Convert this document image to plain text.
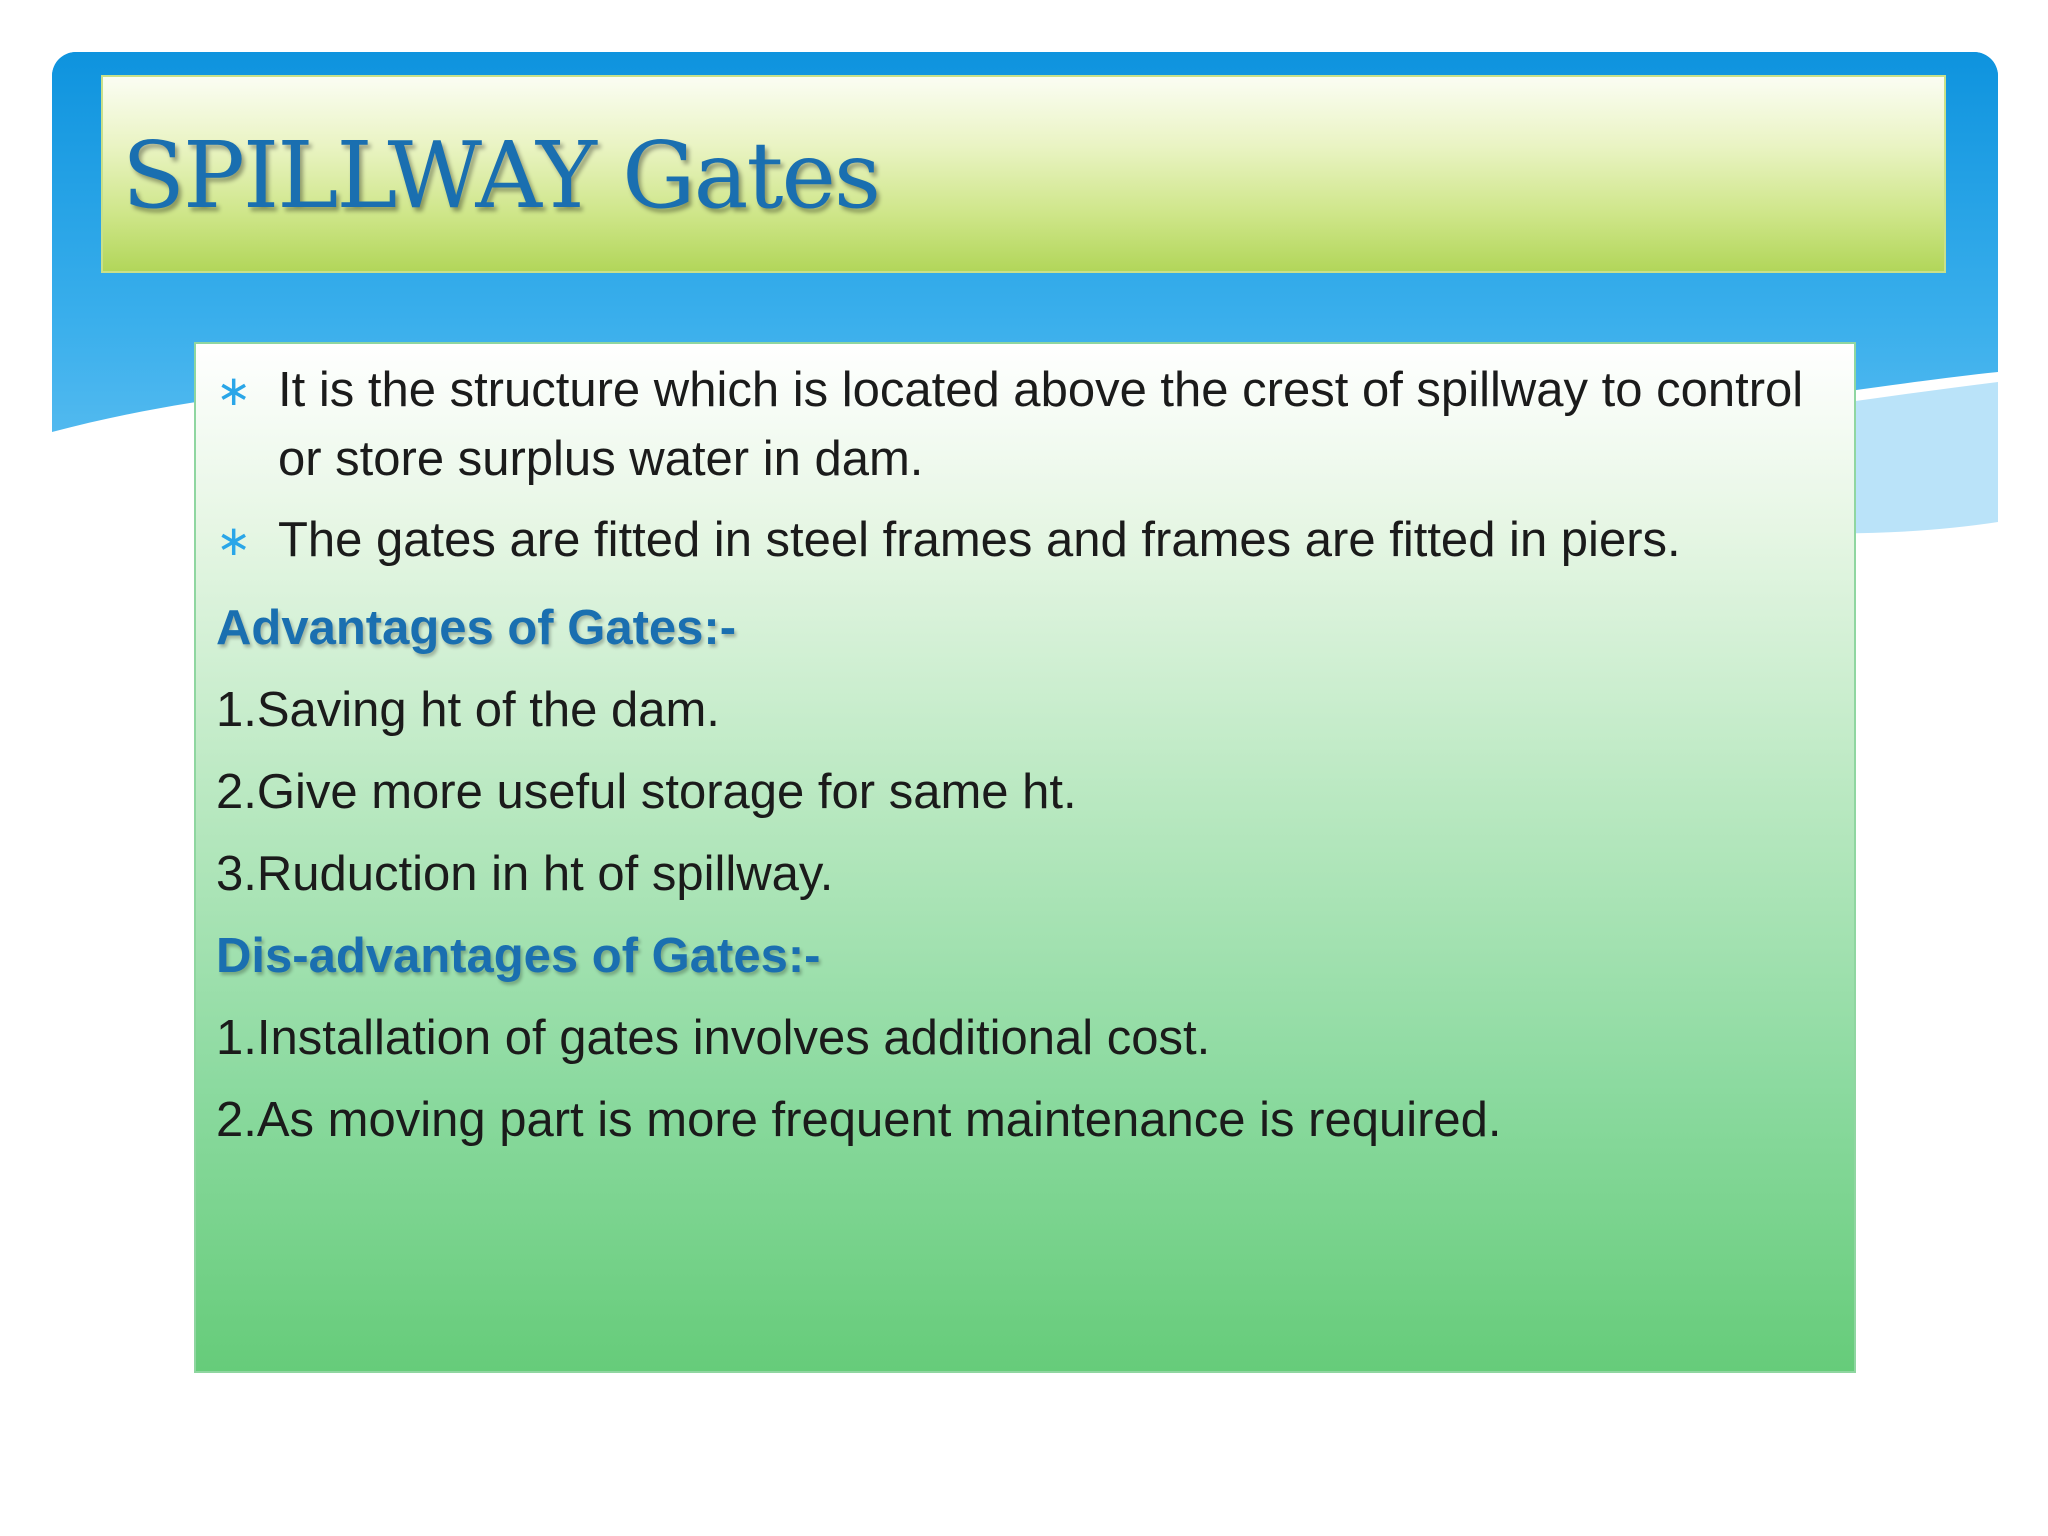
SPILLWAY Gates
∗ It is the structure which is located above the crest of spillway to control or store surplus water in dam.
∗ The gates are fitted in steel frames and frames are fitted in piers.
Advantages of Gates:-
1.Saving ht of the dam.
2.Give more useful storage for same ht.
3.Ruduction in ht of spillway.
Dis-advantages of Gates:-
1.Installation of gates involves additional cost.
2.As moving part is more frequent maintenance is required.
